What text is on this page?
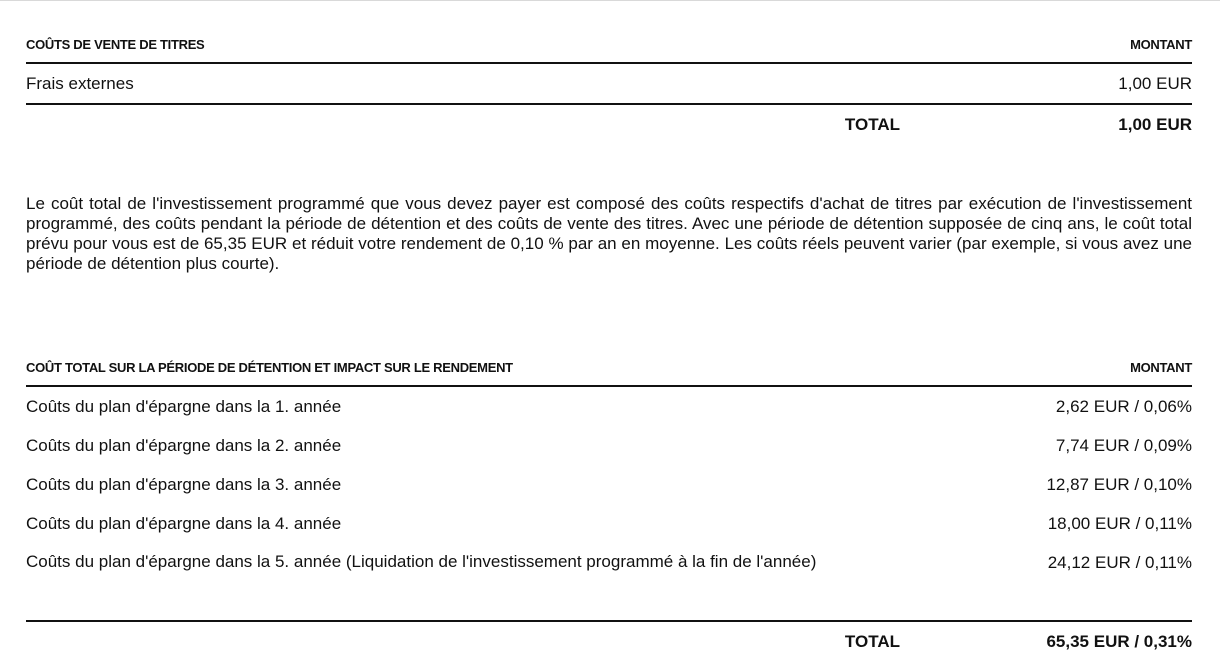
COÛTS DE VENTE DE TITRES	MONTANT
Frais externes	1,00 EUR
TOTAL	1,00 EUR

Le coût total de l'investissement programmé que vous devez payer est composé des coûts respectifs d'achat de titres par exécution de l'investissement programmé, des coûts pendant la période de détention et des coûts de vente des titres. Avec une période de détention supposée de cinq ans, le coût total prévu pour vous est de 65,35 EUR et réduit votre rendement de 0,10 % par an en moyenne. Les coûts réels peuvent varier (par exemple, si vous avez une période de détention plus courte).

COÛT TOTAL SUR LA PÉRIODE DE DÉTENTION ET IMPACT SUR LE RENDEMENT	MONTANT
Coûts du plan d'épargne dans la 1. année	2,62 EUR / 0,06%
Coûts du plan d'épargne dans la 2. année	7,74 EUR / 0,09%
Coûts du plan d'épargne dans la 3. année	12,87 EUR / 0,10%
Coûts du plan d'épargne dans la 4. année	18,00 EUR / 0,11%
Coûts du plan d'épargne dans la 5. année (Liquidation de l'investissement programmé à la fin de l'année)	24,12 EUR / 0,11%
TOTAL	65,35 EUR / 0,31%
